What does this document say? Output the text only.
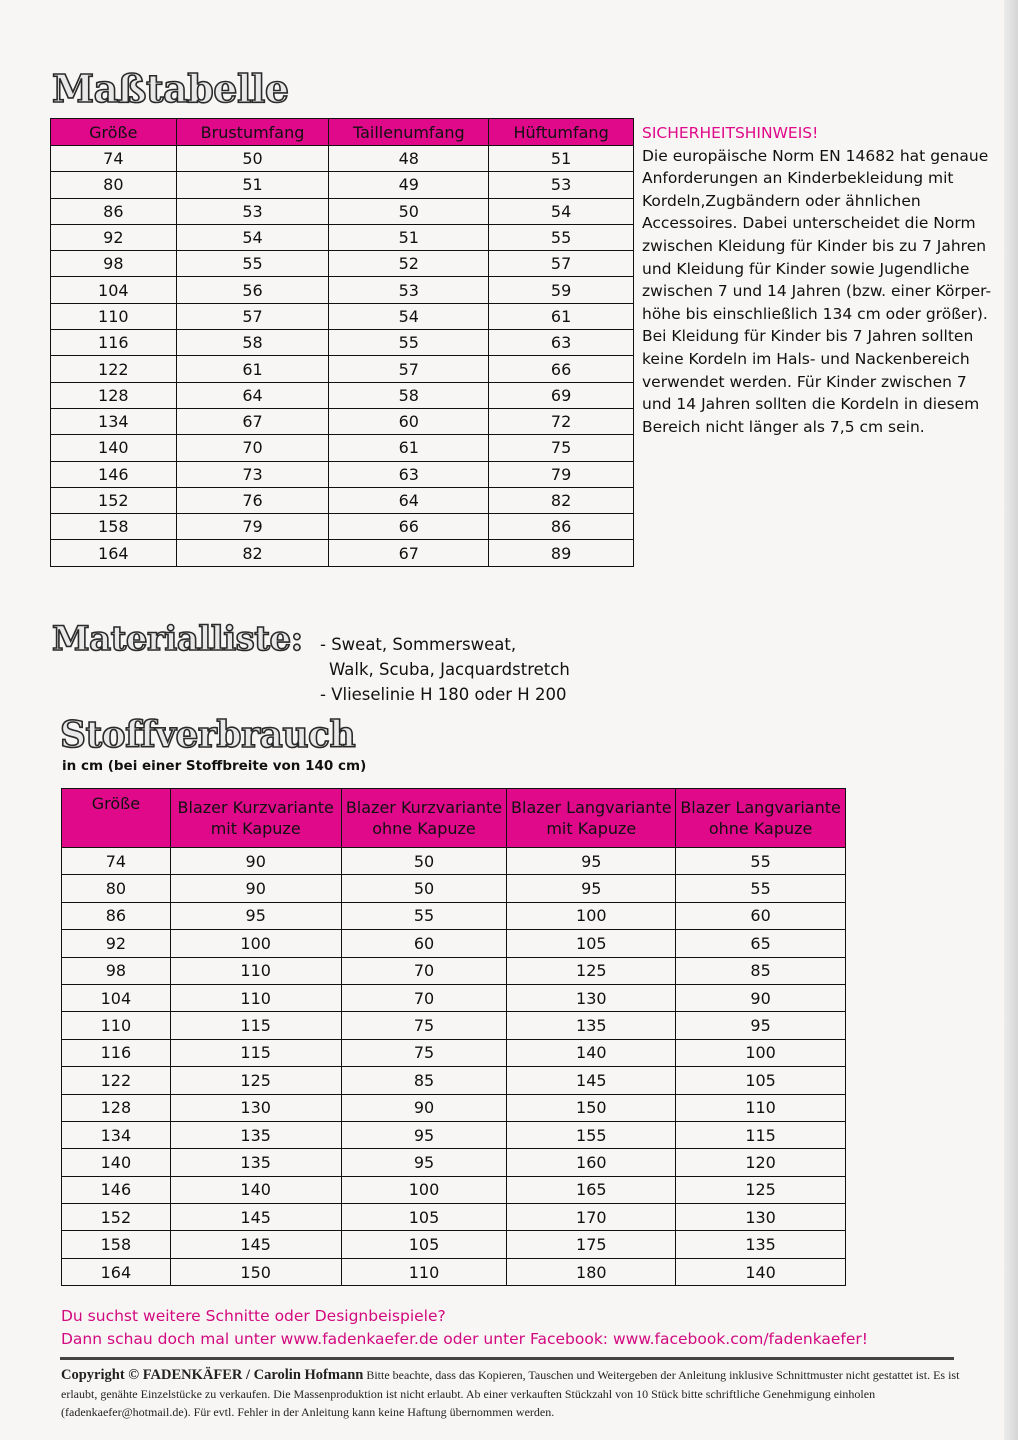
Maßtabelle
Größe	Brustumfang	Taillenumfang	Hüftumfang
74	50	48	51
80	51	49	53
86	53	50	54
92	54	51	55
98	55	52	57
104	56	53	59
110	57	54	61
116	58	55	63
122	61	57	66
128	64	58	69
134	67	60	72
140	70	61	75
146	73	63	79
152	76	64	82
158	79	66	86
164	82	67	89
SICHERHEITSHINWEIS!
Die europäische Norm EN 14682 hat genaue Anforderungen an Kinderbekleidung mit Kordeln,Zugbändern oder ähnlichen Accessoires. Dabei unterscheidet die Norm zwischen Kleidung für Kinder bis zu 7 Jahren und Kleidung für Kinder sowie Jugendliche zwischen 7 und 14 Jahren (bzw. einer Körper-höhe bis einschließlich 134 cm oder größer). Bei Kleidung für Kinder bis 7 Jahren sollten keine Kordeln im Hals- und Nackenbereich verwendet werden. Für Kinder zwischen 7 und 14 Jahren sollten die Kordeln in diesem Bereich nicht länger als 7,5 cm sein.
Materialliste: - Sweat, Sommersweat,
Walk, Scuba, Jacquardstretch
- Vlieselinie H 180 oder H 200
Stoffverbrauch
in cm (bei einer Stoffbreite von 140 cm)
Größe	Blazer Kurzvariante mit Kapuze	Blazer Kurzvariante ohne Kapuze	Blazer Langvariante mit Kapuze	Blazer Langvariante ohne Kapuze
74	90	50	95	55
80	90	50	95	55
86	95	55	100	60
92	100	60	105	65
98	110	70	125	85
104	110	70	130	90
110	115	75	135	95
116	115	75	140	100
122	125	85	145	105
128	130	90	150	110
134	135	95	155	115
140	135	95	160	120
146	140	100	165	125
152	145	105	170	130
158	145	105	175	135
164	150	110	180	140
Du suchst weitere Schnitte oder Designbeispiele?
Dann schau doch mal unter www.fadenkaefer.de oder unter Facebook: www.facebook.com/fadenkaefer!
Copyright © FADENKÄFER / Carolin Hofmann Bitte beachte, dass das Kopieren, Tauschen und Weitergeben der Anleitung inklusive Schnittmuster nicht gestattet ist. Es ist erlaubt, genähte Einzelstücke zu verkaufen. Die Massenproduktion ist nicht erlaubt. Ab einer verkauften Stückzahl von 10 Stück bitte schriftliche Genehmigung einholen (fadenkaefer@hotmail.de). Für evtl. Fehler in der Anleitung kann keine Haftung übernommen werden.
